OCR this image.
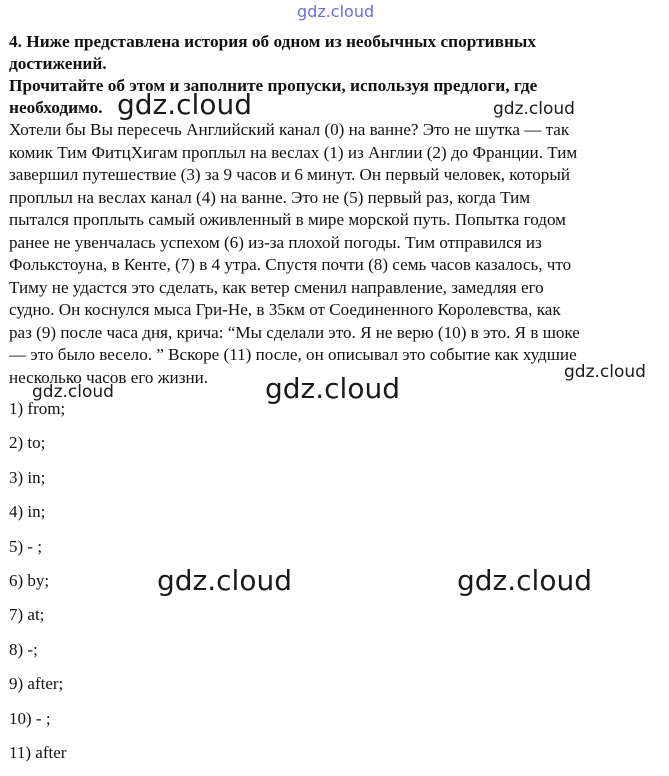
gdz.cloud

4. Ниже представлена история об одном из необычных спортивных
достижений.
Прочитайте об этом и заполните пропуски, используя предлоги, где
необходимо.

Хотели бы Вы пересечь Английский канал (0) на ванне? Это не шутка — так
комик Тим ФитцХигам проплыл на веслах (1) из Англии (2) до Франции. Тим
завершил путешествие (3) за 9 часов и 6 минут. Он первый человек, который
проплыл на веслах канал (4) на ванне. Это не (5) первый раз, когда Тим
пытался проплыть самый оживленный в мире морской путь. Попытка годом
ранее не увенчалась успехом (6) из-за плохой погоды. Тим отправился из
Фолькстоуна, в Кенте, (7) в 4 утра. Спустя почти (8) семь часов казалось, что
Тиму не удастся это сделать, как ветер сменил направление, замедляя его
судно. Он коснулся мыса Гри-Не, в 35км от Соединенного Королевства, как
раз (9) после часа дня, крича: “Мы сделали это. Я не верю (10) в это. Я в шоке
— это было весело. ” Вскоре (11) после, он описывал это событие как худшие
несколько часов его жизни.
1) from;
2) to;
3) in;
4) in;
5) - ;
6) by;
7) at;
8) -;
9) after;
10) - ;
11) after
gdz.cloud	gdz.cloud
gdz.cloud	gdz.cloud
gdz.cloud
gdz.cloud	gdz.cloud
